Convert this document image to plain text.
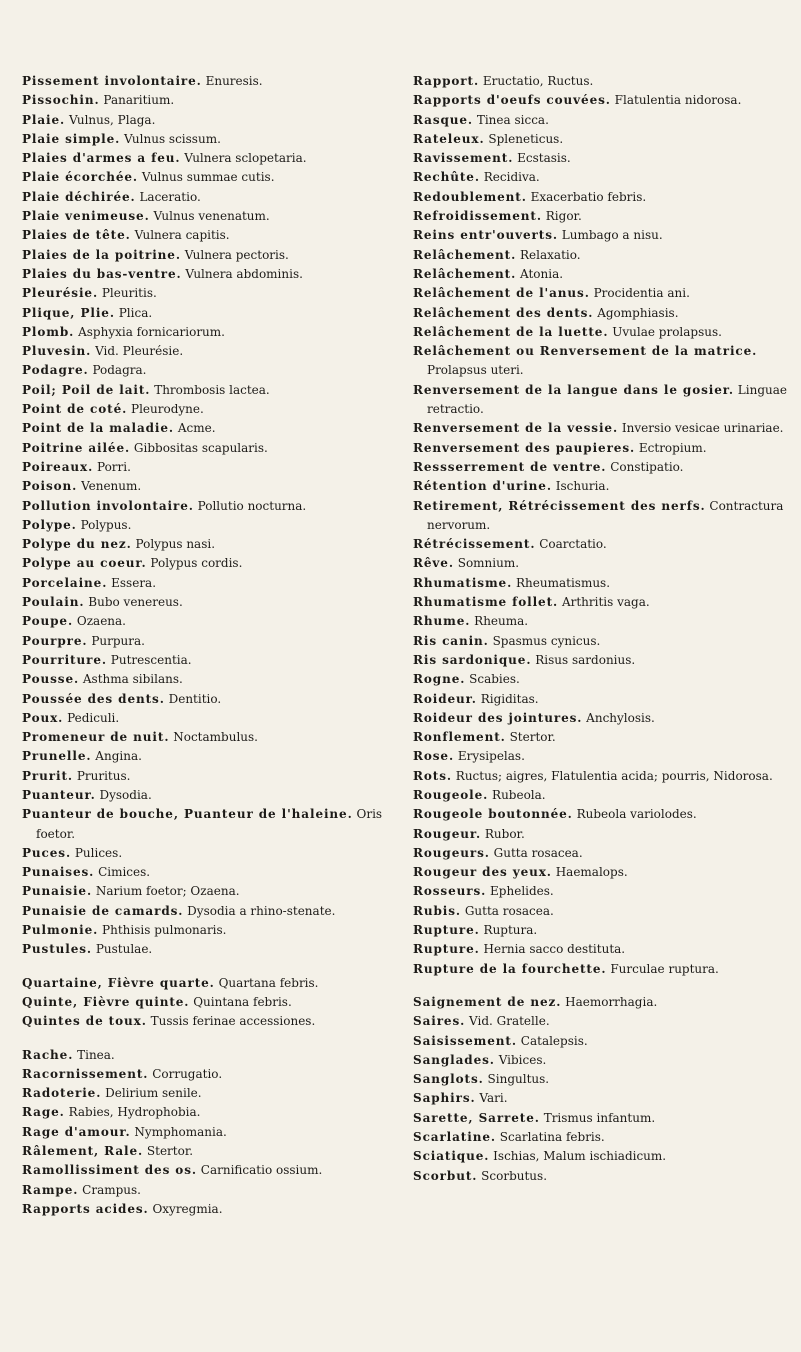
Pissement involontaire. Enuresis.

Pissochin. Panaritium.

Plaie. Vulnus, Plaga.

Plaie simple. Vulnus scissum.

Plaies d'armes a feu. Vulnera sclopetaria.

Plaie écorchée. Vulnus summae cutis.

Plaie déchirée. Laceratio.

Plaie venimeuse. Vulnus venenatum.

Plaies de tête. Vulnera capitis.

Plaies de la poitrine. Vulnera pectoris.

Plaies du bas-ventre. Vulnera abdominis.

Pleurésie. Pleuritis.

Plique, Plie. Plica.

Plomb. Asphyxia fornicariorum.

Pluvesin. Vid. Pleurésie.

Podagre. Podagra.

Poil; Poil de lait. Thrombosis lactea.

Point de coté. Pleurodyne.

Point de la maladie. Acme.

Poitrine ailée. Gibbositas scapularis.

Poireaux. Porri.

Poison. Venenum.

Pollution involontaire. Pollutio nocturna.

Polype. Polypus.

Polype du nez. Polypus nasi.

Polype au coeur. Polypus cordis.

Porcelaine. Essera.

Poulain. Bubo venereus.

Poupe. Ozaena.

Pourpre. Purpura.

Pourriture. Putrescentia.

Pousse. Asthma sibilans.

Poussée des dents. Dentitio.

Poux. Pediculi.

Promeneur de nuit. Noctambulus.

Prunelle. Angina.

Prurit. Pruritus.

Puanteur. Dysodia.

Puanteur de bouche, Puanteur de l'haleine. Oris foetor.

Puces. Pulices.

Punaises. Cimices.

Punaisie. Narium foetor; Ozaena.

Punaisie de camards. Dysodia a rhino-stenate.

Pulmonie. Phthisis pulmonaris.

Pustules. Pustulae.

Quartaine, Fièvre quarte. Quartana febris.

Quinte, Fièvre quinte. Quintana febris.

Quintes de toux. Tussis ferinae accessiones.

Rache. Tinea.

Racornissement. Corrugatio.

Radoterie. Delirium senile.

Rage. Rabies, Hydrophobia.

Rage d'amour. Nymphomania.

Râlement, Rale. Stertor.

Ramollissiment des os. Carnificatio ossium.

Rampe. Crampus.

Rapports acides. Oxyregmia.

Rapport. Eructatio, Ructus.

Rapports d'oeufs couvées. Flatulentia nidorosa.

Rasque. Tinea sicca.

Rateleux. Spleneticus.

Ravissement. Ecstasis.

Rechûte. Recidiva.

Redoublement. Exacerbatio febris.

Refroidissement. Rigor.

Reins entr'ouverts. Lumbago a nisu.

Relâchement. Relaxatio.

Relâchement. Atonia.

Relâchement de l'anus. Procidentia ani.

Relâchement des dents. Agomphiasis.

Relâchement de la luette. Uvulae prolapsus.

Relâchement ou Renversement de la matrice. Prolapsus uteri.

Renversement de la langue dans le gosier. Linguae retractio.

Renversement de la vessie. Inversio vesicae urinariae.

Renversement des paupieres. Ectropium.

Ressserrement de ventre. Constipatio.

Rétention d'urine. Ischuria.

Retirement, Rétrécissement des nerfs. Contractura nervorum.

Rétrécissement. Coarctatio.

Rêve. Somnium.

Rhumatisme. Rheumatismus.

Rhumatisme follet. Arthritis vaga.

Rhume. Rheuma.

Ris canin. Spasmus cynicus.

Ris sardonique. Risus sardonius.

Rogne. Scabies.

Roideur. Rigiditas.

Roideur des jointures. Anchylosis.

Ronflement. Stertor.

Rose. Erysipelas.

Rots. Ructus; aigres, Flatulentia acida; pourris, Nidorosa.

Rougeole. Rubeola.

Rougeole boutonnée. Rubeola variolodes.

Rougeur. Rubor.

Rougeurs. Gutta rosacea.

Rougeur des yeux. Haemalops.

Rosseurs. Ephelides.

Rubis. Gutta rosacea.

Rupture. Ruptura.

Rupture. Hernia sacco destituta.

Rupture de la fourchette. Furculae ruptura.

Saignement de nez. Haemorrhagia.

Saires. Vid. Gratelle.

Saisissement. Catalepsis.

Sanglades. Vibices.

Sanglots. Singultus.

Saphirs. Vari.

Sarette, Sarrete. Trismus infantum.

Scarlatine. Scarlatina febris.

Sciatique. Ischias, Malum ischiadicum.

Scorbut. Scorbutus.
